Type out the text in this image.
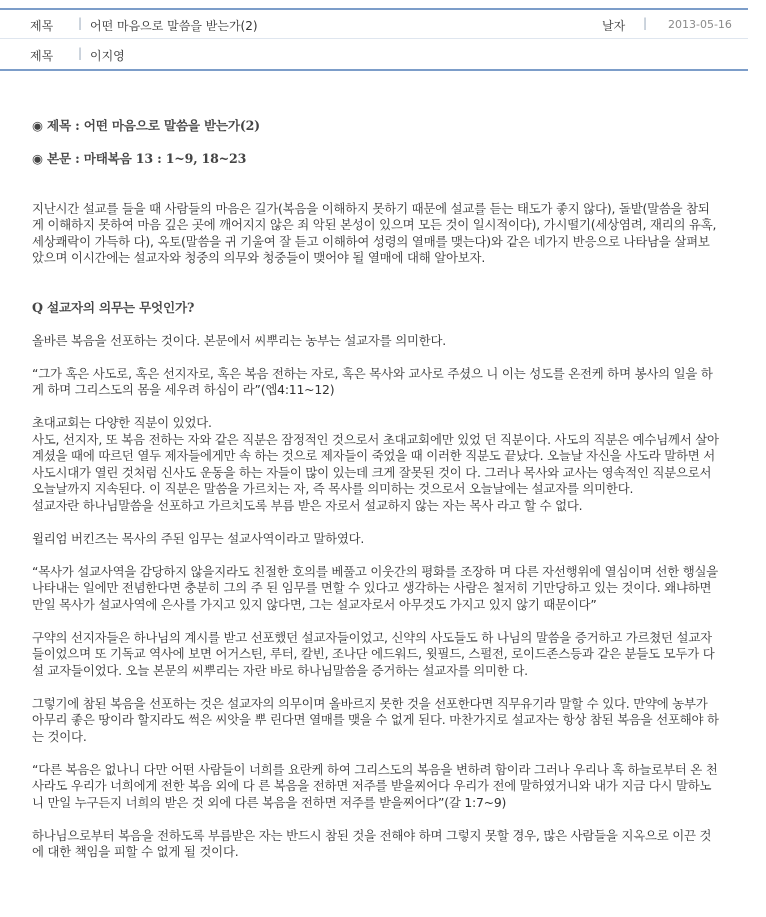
제목 | 어떤 마음으로 말씀을 받는가(2)	날자 | 2013-05-16
제목 | 이지영

◉ 제목 : 어떤 마음으로 말씀을 받는가(2)

◉ 본문 : 마태복음 13 : 1~9, 18~23

지난시간 설교를 들을 때 사람들의 마음은 길가(복음을 이해하지 못하기 때문에 설교를 듣는 태도가 좋지 않다), 돌밭(말씀을 참되게 이해하지 못하여 마음 깊은 곳에 깨어지지 않은 죄 악된 본성이 있으며 모든 것이 일시적이다), 가시떨기(세상염려, 재리의 유혹, 세상쾌락이 가득하 다), 옥토(말씀을 귀 기울여 잘 듣고 이해하여 성령의 열매를 맺는다)와 같은 네가지 반응으로 나타남을 살펴보았으며 이시간에는 설교자와 청중의 의무와 청중들이 맺어야 될 열매에 대해 알아보자.

Q 설교자의 의무는 무엇인가?

올바른 복음을 선포하는 것이다. 본문에서 씨뿌리는 농부는 설교자를 의미한다.

“그가 혹은 사도로, 혹은 선지자로, 혹은 복음 전하는 자로, 혹은 목사와 교사로 주셨으 니 이는 성도를 온전케 하며 봉사의 일을 하게 하며 그리스도의 몸을 세우려 하심이 라”(엡4:11~12)

초대교회는 다양한 직분이 있었다.
사도, 선지자, 또 복음 전하는 자와 같은 직분은 잠정적인 것으로서 초대교회에만 있었 던 직분이다. 사도의 직분은 예수님께서 살아계셨을 때에 따르던 열두 제자들에게만 속 하는 것으로 제자들이 죽었을 때 이러한 직분도 끝났다. 오늘날 자신을 사도라 말하면 서 사도시대가 열린 것처럼 신사도 운동을 하는 자들이 많이 있는데 크게 잘못된 것이 다. 그러나 목사와 교사는 영속적인 직분으로서 오늘날까지 지속된다. 이 직분은 말씀을 가르치는 자, 즉 목사를 의미하는 것으로서 오늘날에는 설교자를 의미한다.
설교자란 하나님말씀을 선포하고 가르치도록 부름 받은 자로서 설교하지 않는 자는 목사 라고 할 수 없다.

윌리엄 버킨즈는 목사의 주된 임무는 설교사역이라고 말하였다.

“목사가 설교사역을 감당하지 않을지라도 친절한 호의를 베풀고 이웃간의 평화를 조장하 며 다른 자선행위에 열심이며 선한 행실을 나타내는 일에만 전념한다면 충분히 그의 주 된 임무를 면할 수 있다고 생각하는 사람은 철저히 기만당하고 있는 것이다. 왜냐하면 만일 목사가 설교사역에 은사를 가지고 있지 않다면, 그는 설교자로서 아무것도 가지고 있지 않기 때문이다”

구약의 선지자들은 하나님의 계시를 받고 선포했던 설교자들이었고, 신약의 사도들도 하 나님의 말씀을 증거하고 가르쳤던 설교자들이었으며 또 기독교 역사에 보면 어거스틴, 루터, 칼빈, 조나단 에드워드, 윗필드, 스펄전, 로이드존스등과 같은 분들도 모두가 다 설 교자들이었다. 오늘 본문의 씨뿌리는 자란 바로 하나님말씀을 증거하는 설교자를 의미한 다.

그렇기에 참된 복음을 선포하는 것은 설교자의 의무이며 올바르지 못한 것을 선포한다면 직무유기라 말할 수 있다. 만약에 농부가 아무리 좋은 땅이라 할지라도 썩은 씨앗을 뿌 린다면 열매를 맺을 수 없게 된다. 마찬가지로 설교자는 항상 참된 복음을 선포해야 하 는 것이다.

“다른 복음은 없나니 다만 어떤 사람들이 너희를 요란케 하여 그리스도의 복음을 변하려 함이라 그러나 우리나 혹 하늘로부터 온 천사라도 우리가 너희에게 전한 복음 외에 다 른 복음을 전하면 저주를 받을찌어다 우리가 전에 말하였거니와 내가 지금 다시 말하노 니 만일 누구든지 너희의 받은 것 외에 다른 복음을 전하면 저주를 받을찌어다”(갈 1:7~9)

하나님으로부터 복음을 전하도록 부름받은 자는 반드시 참된 것을 전해야 하며 그렇지 못할 경우, 많은 사람들을 지옥으로 이끈 것에 대한 책임을 피할 수 없게 될 것이다.
